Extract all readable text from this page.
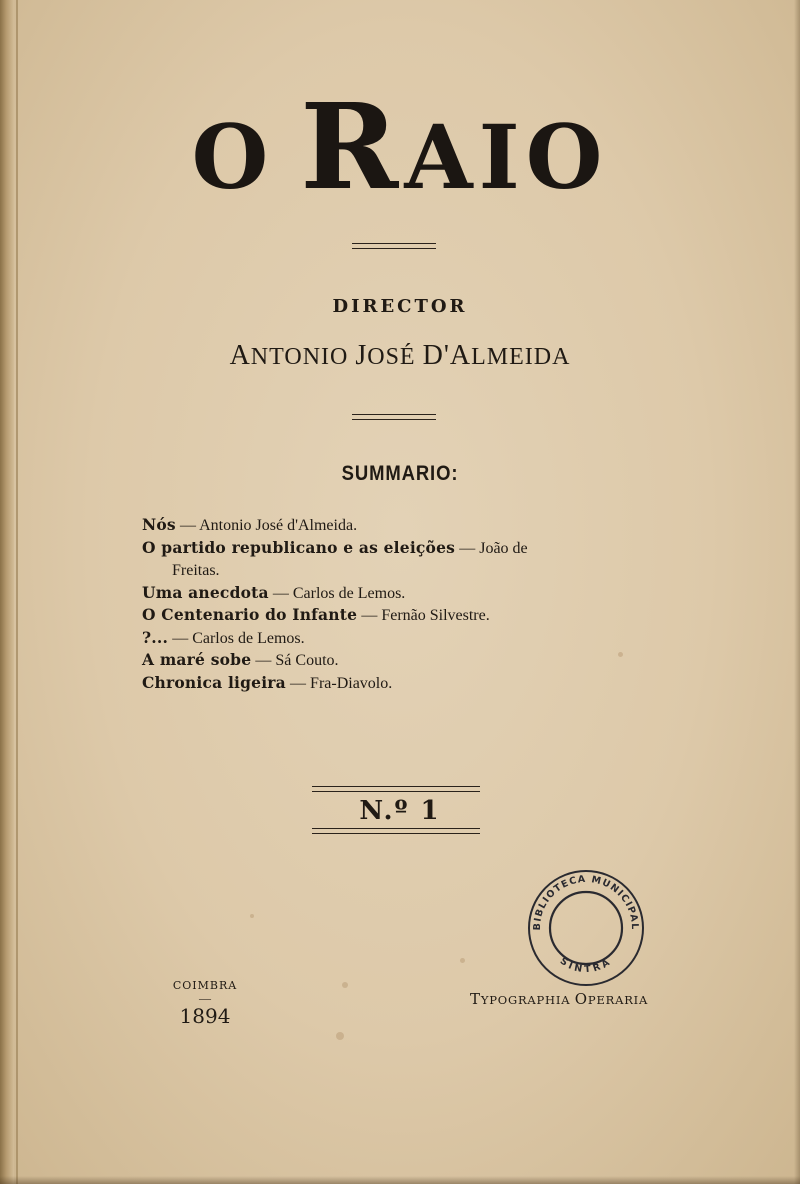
O RAIO
DIRECTOR
ANTONIO JOSÉ D'ALMEIDA
SUMMARIO:
Nós — Antonio José d'Almeida.
O partido republicano e as eleições — João de
Freitas.
Uma anecdota — Carlos de Lemos.
O Centenario do Infante — Fernão Silvestre.
?... — Carlos de Lemos.
A maré sobe — Sá Couto.
Chronica ligeira — Fra-Diavolo.
N.º 1
BIBLIOTECA MUNICIPAL
SINTRA
COIMBRA
—
1894
TYPOGRAPHIA OPERARIA
